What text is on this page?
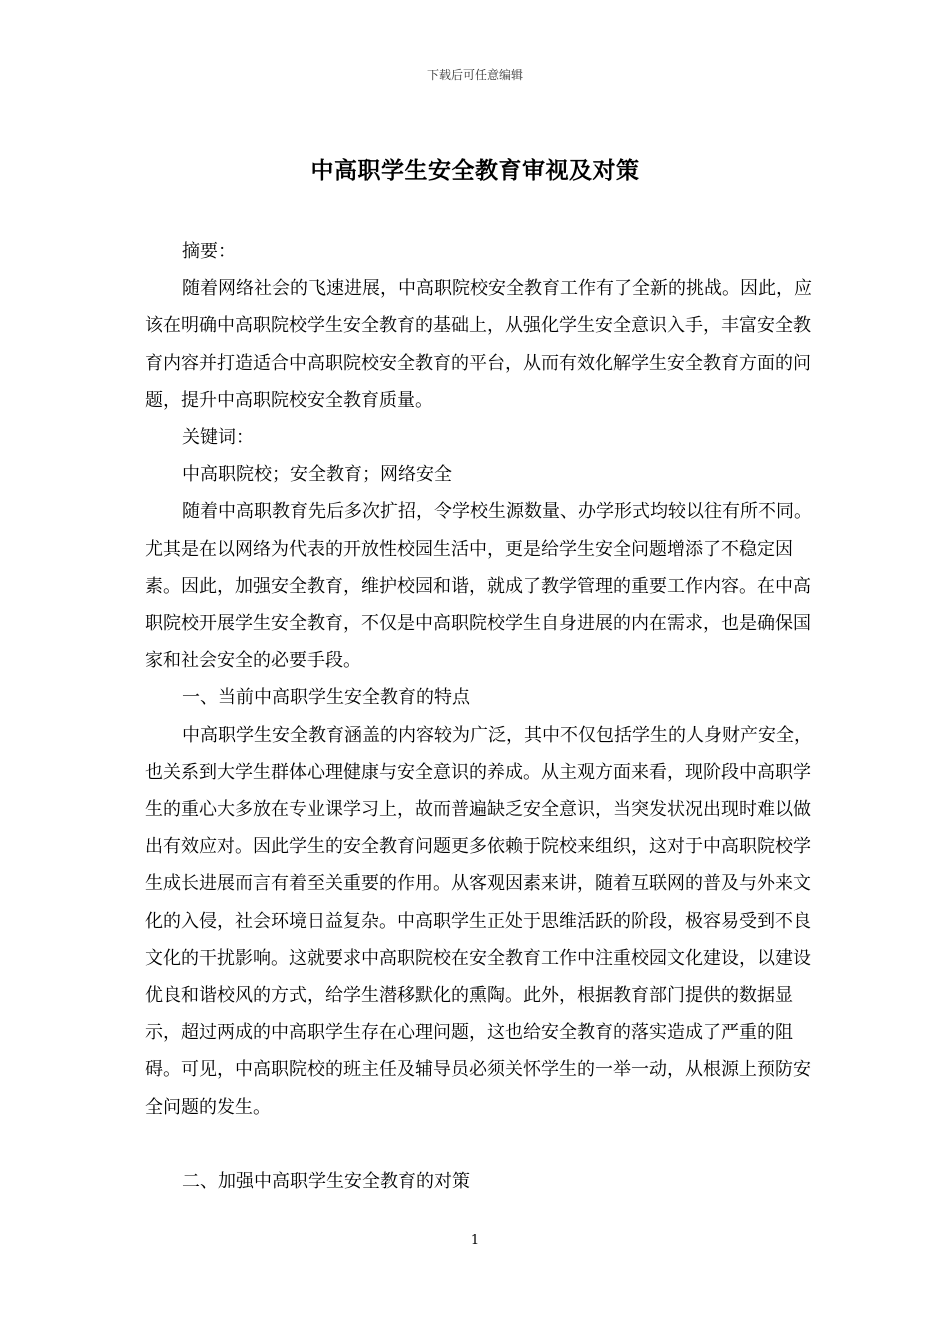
下载后可任意编辑
中高职学生安全教育审视及对策

摘要：

随着网络社会的飞速进展，中高职院校安全教育工作有了全新的挑战。因此，应该在明确中高职院校学生安全教育的基础上，从强化学生安全意识入手，丰富安全教育内容并打造适合中高职院校安全教育的平台，从而有效化解学生安全教育方面的问题，提升中高职院校安全教育质量。

关键词：

中高职院校；安全教育；网络安全

随着中高职教育先后多次扩招，令学校生源数量、办学形式均较以往有所不同。尤其是在以网络为代表的开放性校园生活中，更是给学生安全问题增添了不稳定因素。因此，加强安全教育，维护校园和谐，就成了教学管理的重要工作内容。在中高职院校开展学生安全教育，不仅是中高职院校学生自身进展的内在需求，也是确保国家和社会安全的必要手段。

一、当前中高职学生安全教育的特点

中高职学生安全教育涵盖的内容较为广泛，其中不仅包括学生的人身财产安全，也关系到大学生群体心理健康与安全意识的养成。从主观方面来看，现阶段中高职学生的重心大多放在专业课学习上，故而普遍缺乏安全意识，当突发状况出现时难以做出有效应对。因此学生的安全教育问题更多依赖于院校来组织，这对于中高职院校学生成长进展而言有着至关重要的作用。从客观因素来讲，随着互联网的普及与外来文化的入侵，社会环境日益复杂。中高职学生正处于思维活跃的阶段，极容易受到不良文化的干扰影响。这就要求中高职院校在安全教育工作中注重校园文化建设，以建设优良和谐校风的方式，给学生潜移默化的熏陶。此外，根据教育部门提供的数据显示，超过两成的中高职学生存在心理问题，这也给安全教育的落实造成了严重的阻碍。可见，中高职院校的班主任及辅导员必须关怀学生的一举一动，从根源上预防安全问题的发生。

二、加强中高职学生安全教育的对策

1
